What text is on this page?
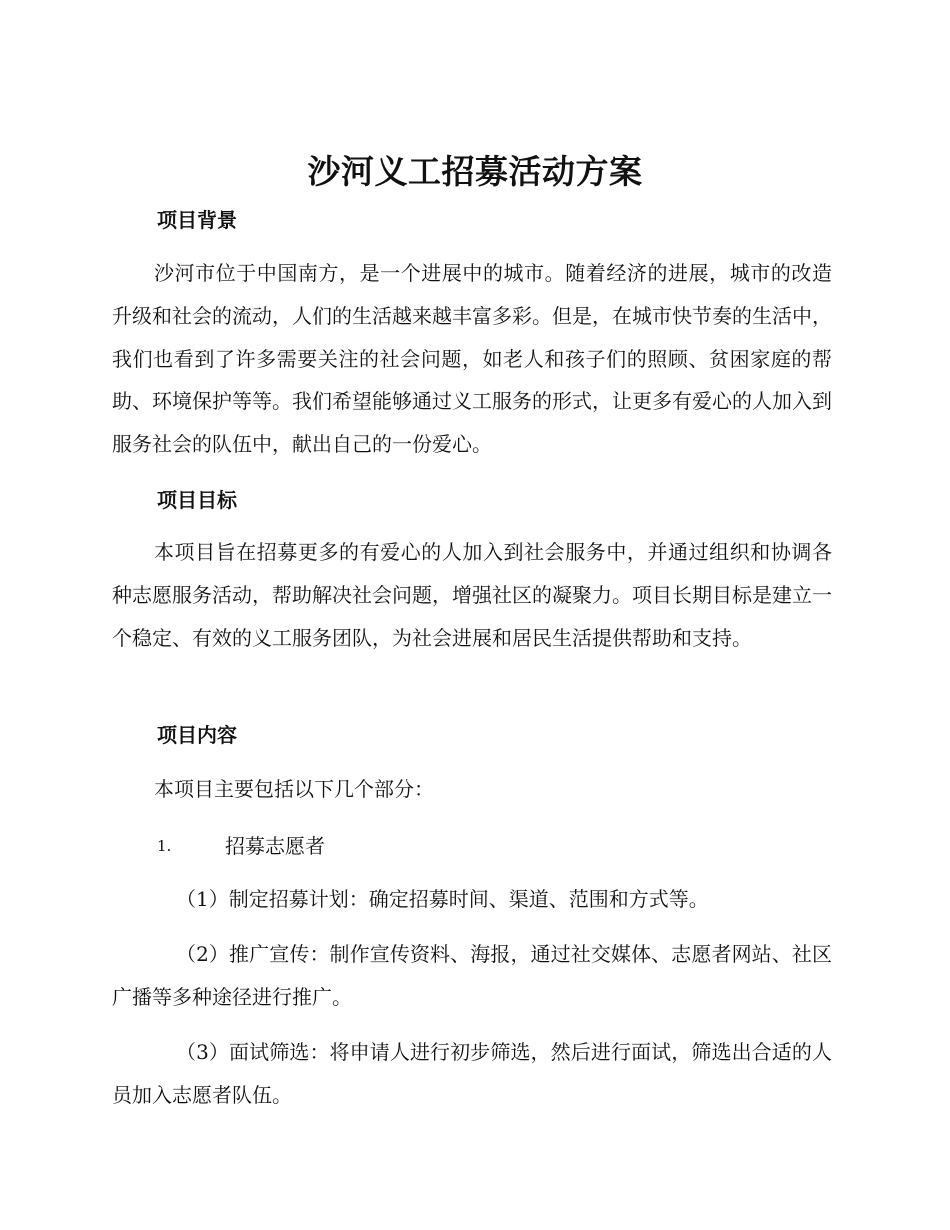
沙河义工招募活动方案
项目背景

沙河市位于中国南方，是一个进展中的城市。随着经济的进展，城市的改造升级和社会的流动，人们的生活越来越丰富多彩。但是，在城市快节奏的生活中，我们也看到了许多需要关注的社会问题，如老人和孩子们的照顾、贫困家庭的帮助、环境保护等等。我们希望能够通过义工服务的形式，让更多有爱心的人加入到服务社会的队伍中，献出自己的一份爱心。

项目目标

本项目旨在招募更多的有爱心的人加入到社会服务中，并通过组织和协调各种志愿服务活动，帮助解决社会问题，增强社区的凝聚力。项目长期目标是建立一个稳定、有效的义工服务团队，为社会进展和居民生活提供帮助和支持。

项目内容

本项目主要包括以下几个部分：

1.	招募志愿者

（1）制定招募计划：确定招募时间、渠道、范围和方式等。

（2）推广宣传：制作宣传资料、海报，通过社交媒体、志愿者网站、社区广播等多种途径进行推广。

（3）面试筛选：将申请人进行初步筛选，然后进行面试，筛选出合适的人员加入志愿者队伍。
